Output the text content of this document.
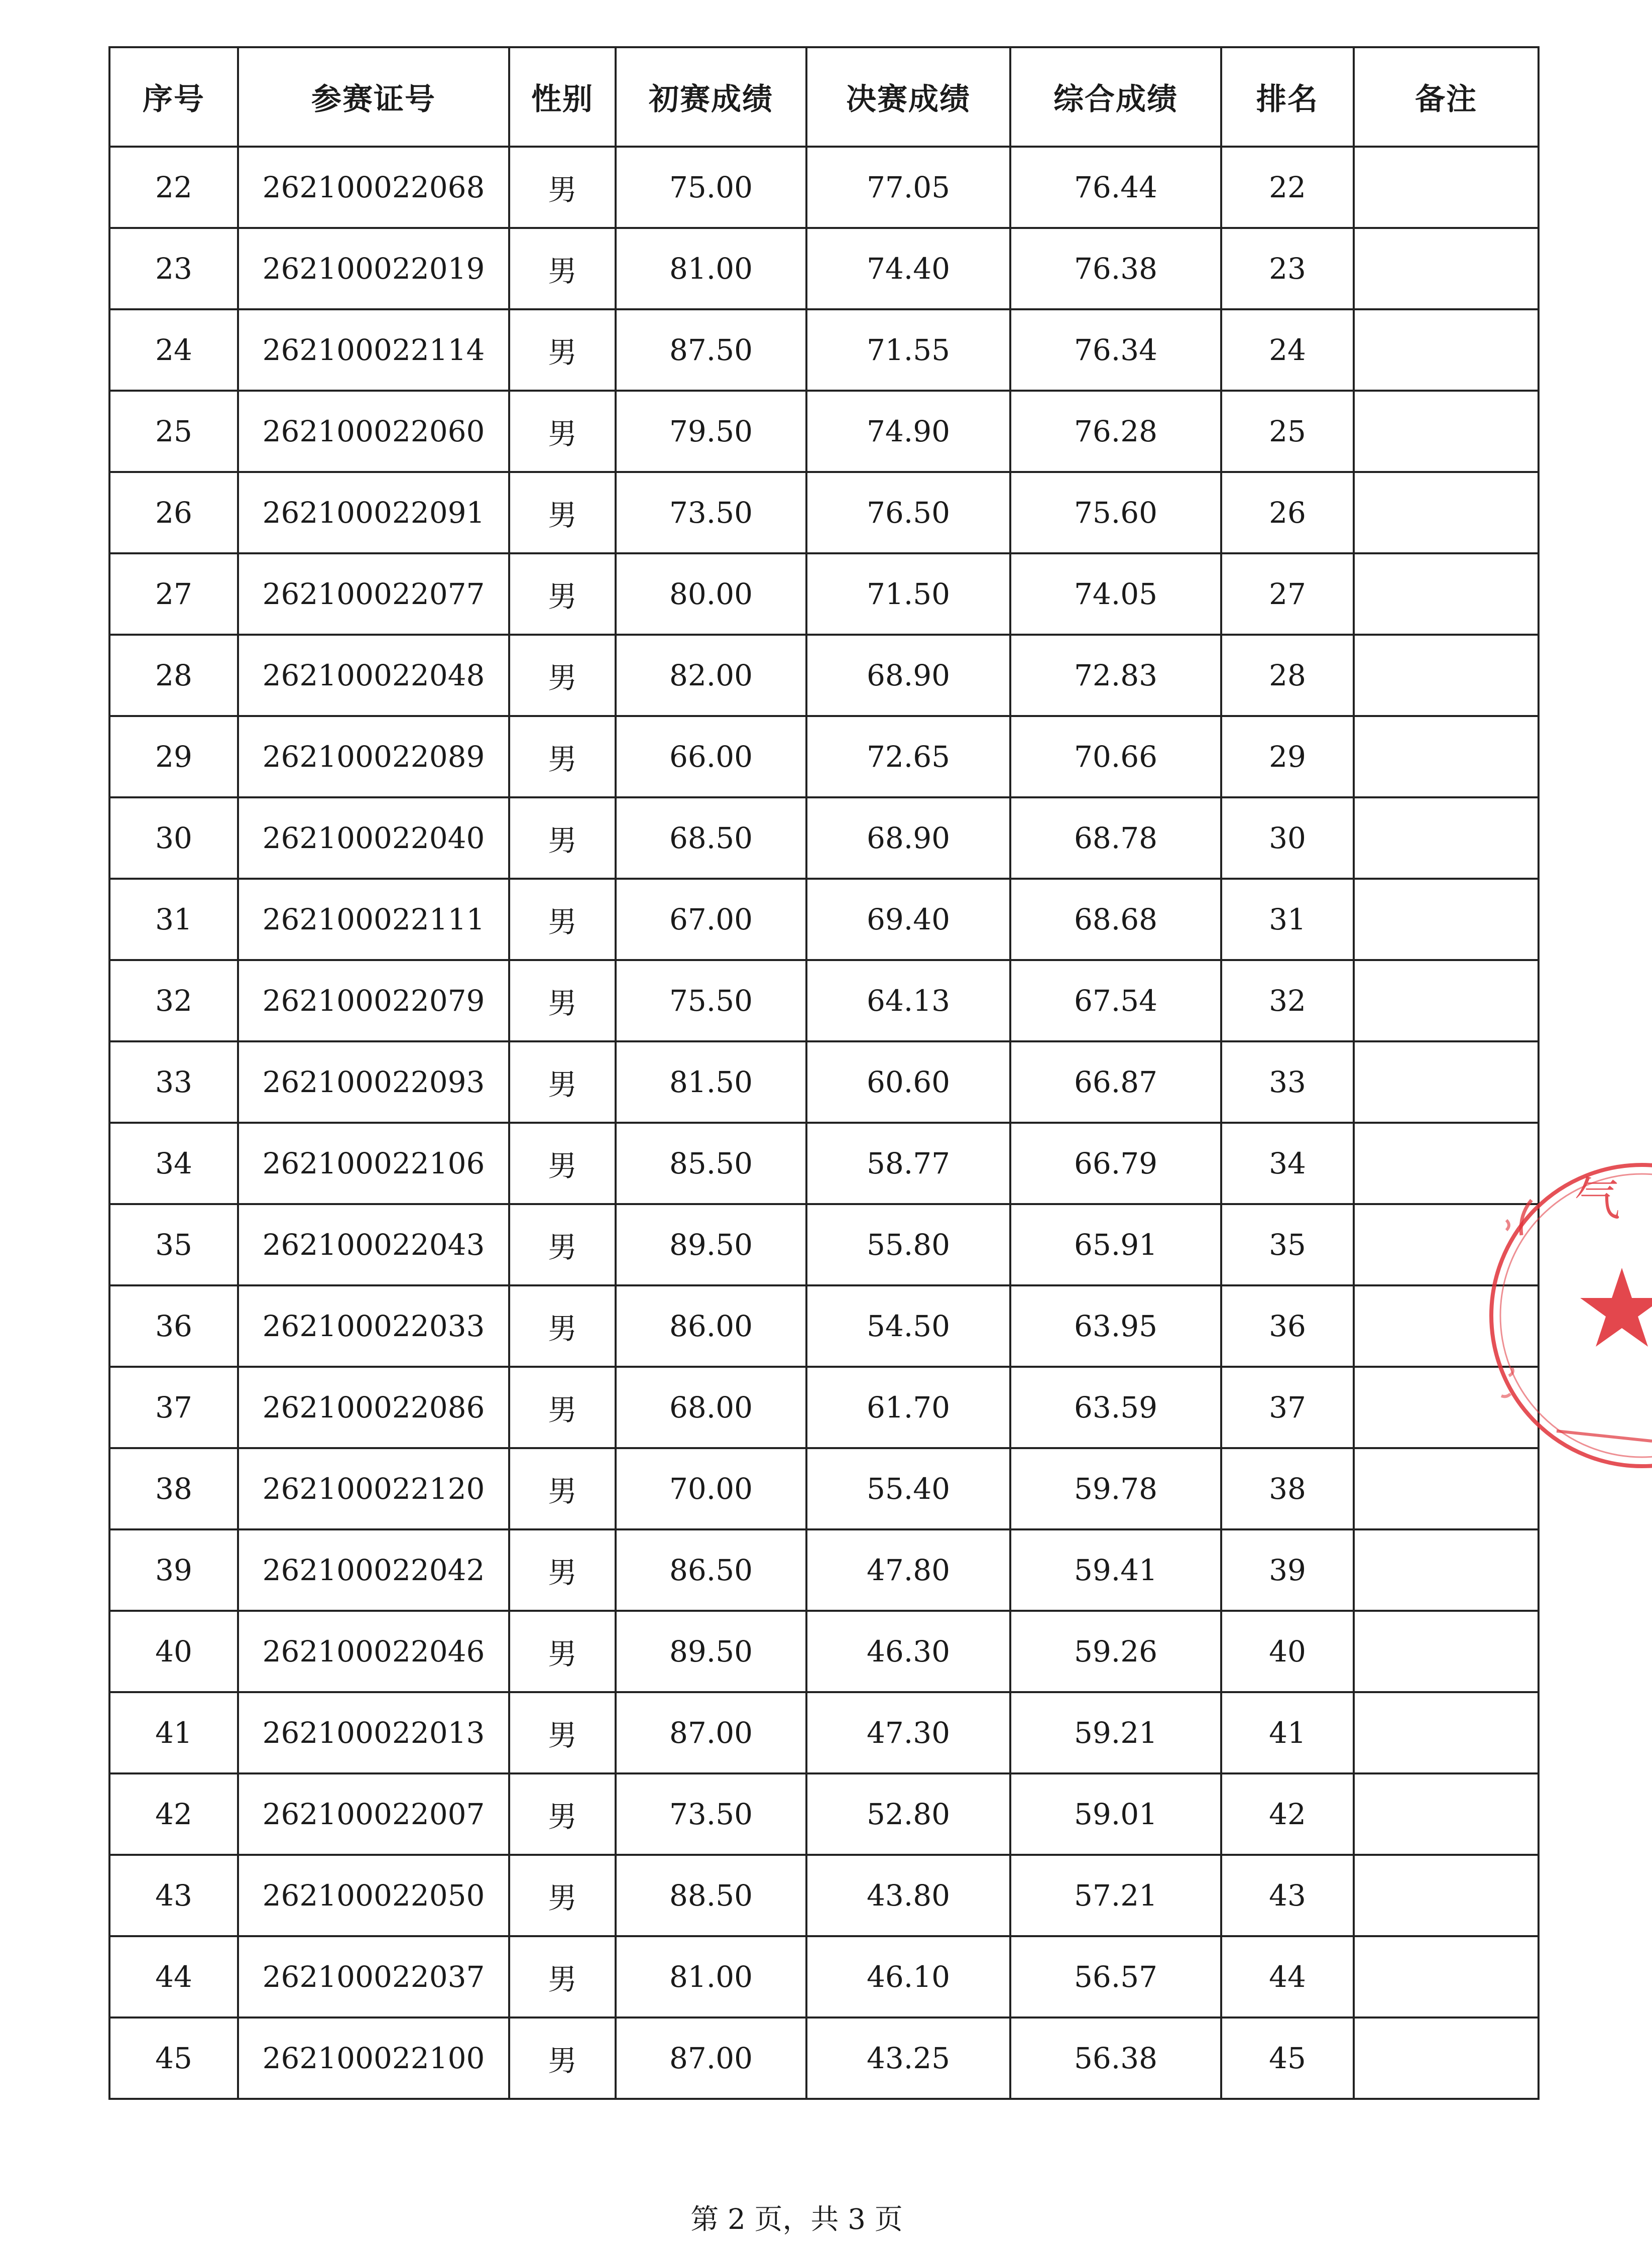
序号	参赛证号	性别	初赛成绩	决赛成绩	综合成绩	排名	备注
22	262100022068	男	75.00	77.05	76.44	22	
23	262100022019	男	81.00	74.40	76.38	23	
24	262100022114	男	87.50	71.55	76.34	24	
25	262100022060	男	79.50	74.90	76.28	25	
26	262100022091	男	73.50	76.50	75.60	26	
27	262100022077	男	80.00	71.50	74.05	27	
28	262100022048	男	82.00	68.90	72.83	28	
29	262100022089	男	66.00	72.65	70.66	29	
30	262100022040	男	68.50	68.90	68.78	30	
31	262100022111	男	67.00	69.40	68.68	31	
32	262100022079	男	75.50	64.13	67.54	32	
33	262100022093	男	81.50	60.60	66.87	33	
34	262100022106	男	85.50	58.77	66.79	34	
35	262100022043	男	89.50	55.80	65.91	35	
36	262100022033	男	86.00	54.50	63.95	36	
37	262100022086	男	68.00	61.70	63.59	37	
38	262100022120	男	70.00	55.40	59.78	38	
39	262100022042	男	86.50	47.80	59.41	39	
40	262100022046	男	89.50	46.30	59.26	40	
41	262100022013	男	87.00	47.30	59.21	41	
42	262100022007	男	73.50	52.80	59.01	42	
43	262100022050	男	88.50	43.80	57.21	43	
44	262100022037	男	81.00	46.10	56.57	44	
45	262100022100	男	87.00	43.25	56.38	45	
气
第 2 页，共 3 页
